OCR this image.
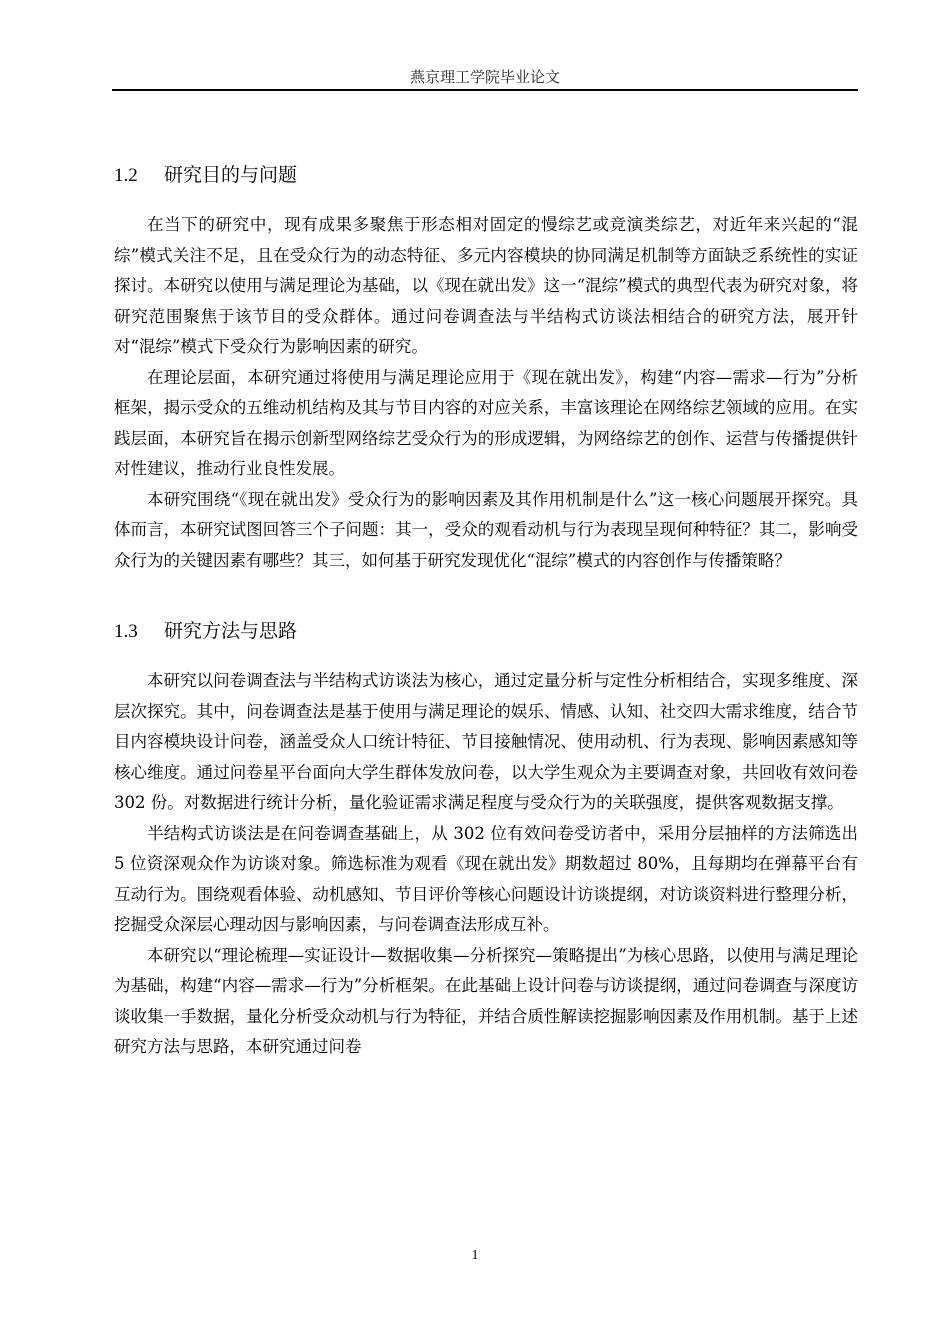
燕京理工学院毕业论文
1.2 研究目的与问题

在当下的研究中，现有成果多聚焦于形态相对固定的慢综艺或竞演类综艺，对近年来兴起的“混综”模式关注不足，且在受众行为的动态特征、多元内容模块的协同满足机制等方面缺乏系统性的实证探讨。本研究以使用与满足理论为基础，以《现在就出发》这一“混综”模式的典型代表为研究对象，将研究范围聚焦于该节目的受众群体。通过问卷调查法与半结构式访谈法相结合的研究方法，展开针对“混综”模式下受众行为影响因素的研究。

在理论层面，本研究通过将使用与满足理论应用于《现在就出发》，构建“内容—需求—行为”分析框架，揭示受众的五维动机结构及其与节目内容的对应关系，丰富该理论在网络综艺领域的应用。在实践层面，本研究旨在揭示创新型网络综艺受众行为的形成逻辑，为网络综艺的创作、运营与传播提供针对性建议，推动行业良性发展。

本研究围绕“《现在就出发》受众行为的影响因素及其作用机制是什么”这一核心问题展开探究。具体而言，本研究试图回答三个子问题：其一，受众的观看动机与行为表现呈现何种特征？其二，影响受众行为的关键因素有哪些？其三，如何基于研究发现优化“混综”模式的内容创作与传播策略？

1.3 研究方法与思路

本研究以问卷调查法与半结构式访谈法为核心，通过定量分析与定性分析相结合，实现多维度、深层次探究。其中，问卷调查法是基于使用与满足理论的娱乐、情感、认知、社交四大需求维度，结合节目内容模块设计问卷，涵盖受众人口统计特征、节目接触情况、使用动机、行为表现、影响因素感知等核心维度。通过问卷星平台面向大学生群体发放问卷，以大学生观众为主要调查对象，共回收有效问卷 302 份。对数据进行统计分析，量化验证需求满足程度与受众行为的关联强度，提供客观数据支撑。

半结构式访谈法是在问卷调查基础上，从 302 位有效问卷受访者中，采用分层抽样的方法筛选出 5 位资深观众作为访谈对象。筛选标准为观看《现在就出发》期数超过 80%，且每期均在弹幕平台有互动行为。围绕观看体验、动机感知、节目评价等核心问题设计访谈提纲，对访谈资料进行整理分析，挖掘受众深层心理动因与影响因素，与问卷调查法形成互补。

本研究以“理论梳理—实证设计—数据收集—分析探究—策略提出”为核心思路，以使用与满足理论为基础，构建“内容—需求—行为”分析框架。在此基础上设计问卷与访谈提纲，通过问卷调查与深度访谈收集一手数据，量化分析受众动机与行为特征，并结合质性解读挖掘影响因素及作用机制。基于上述研究方法与思路，本研究通过问卷

1
